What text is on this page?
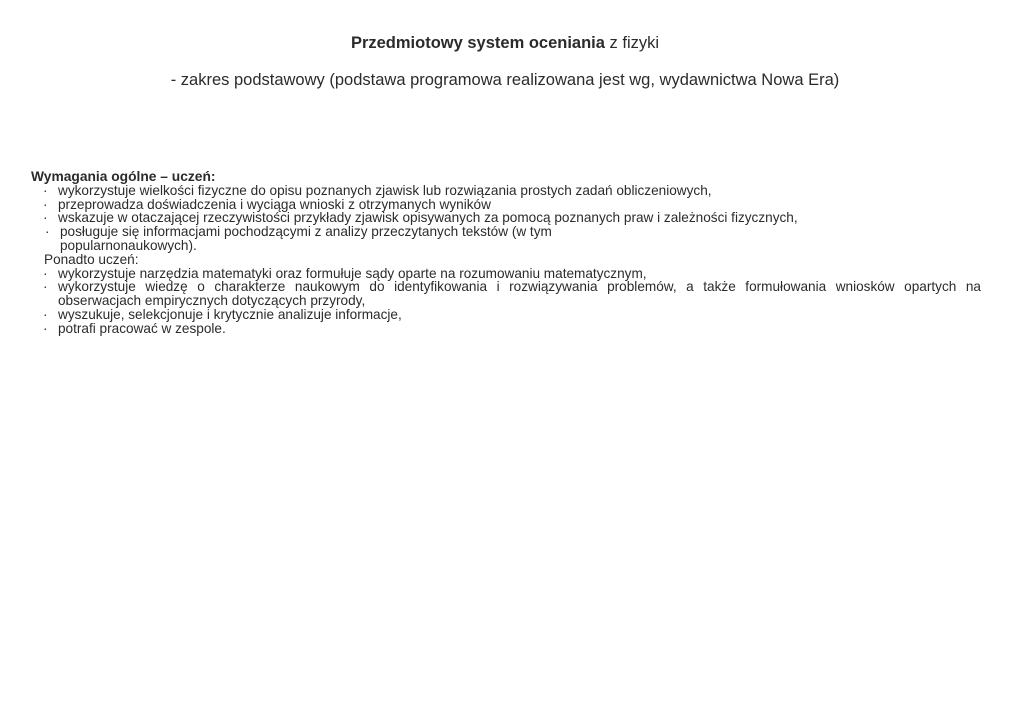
Przedmiotowy system oceniania z fizyki
- zakres podstawowy (podstawa programowa realizowana jest wg, wydawnictwa Nowa Era)
Wymagania ogólne – uczeń:
· wykorzystuje wielkości fizyczne do opisu poznanych zjawisk lub rozwiązania prostych zadań obliczeniowych,
· przeprowadza doświadczenia i wyciąga wnioski z otrzymanych wyników
· wskazuje w otaczającej rzeczywistości przykłady zjawisk opisywanych za pomocą poznanych praw i zależności fizycznych,
· posługuje się informacjami pochodzącymi z analizy przeczytanych tekstów (w tym popularnonaukowych).
Ponadto uczeń:
· wykorzystuje narzędzia matematyki oraz formułuje sądy oparte na rozumowaniu matematycznym,
· wykorzystuje wiedzę o charakterze naukowym do identyfikowania i rozwiązywania problemów, a także formułowania wniosków opartych na obserwacjach empirycznych dotyczących przyrody,
· wyszukuje, selekcjonuje i krytycznie analizuje informacje,
· potrafi pracować w zespole.
